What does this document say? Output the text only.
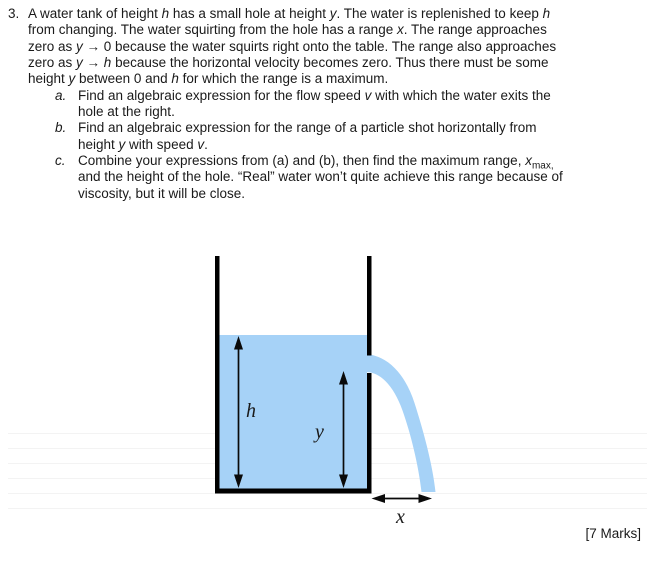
3. A water tank of height h has a small hole at height y. The water is replenished to keep h
from changing. The water squirting from the hole has a range x. The range approaches
zero as y → 0 because the water squirts right onto the table. The range also approaches
zero as y → h because the horizontal velocity becomes zero. Thus there must be some
height y between 0 and h for which the range is a maximum.
a. Find an algebraic expression for the flow speed v with which the water exits the
hole at the right.
b. Find an algebraic expression for the range of a particle shot horizontally from
height y with speed v.
c. Combine your expressions from (a) and (b), then find the maximum range, $x_{max,}$
and the height of the hole. “Real” water won’t quite achieve this range because of
viscosity, but it will be close.
h
y
x
[7 Marks]
